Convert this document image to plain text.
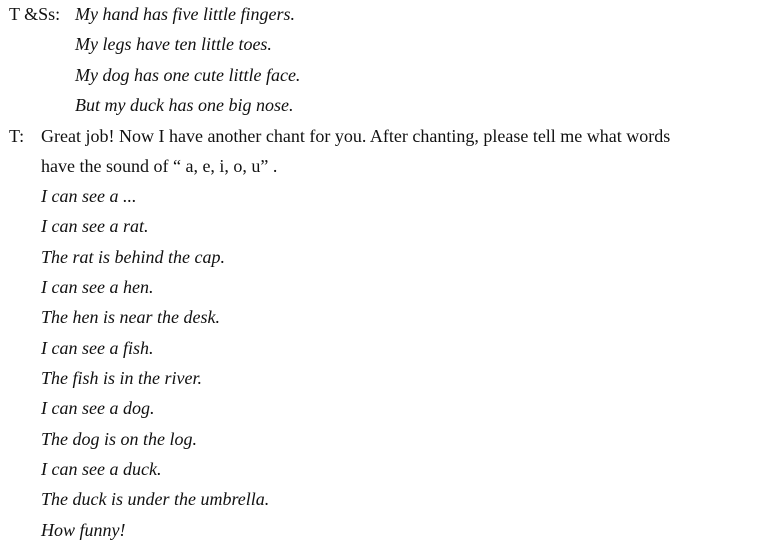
T &Ss: My hand has five little fingers.
My legs have ten little toes.
My dog has one cute little face.
But my duck has one big nose.
T: Great job! Now I have another chant for you. After chanting, please tell me what words
have the sound of “ a, e, i, o, u” .
I can see a ...
I can see a rat.
The rat is behind the cap.
I can see a hen.
The hen is near the desk.
I can see a fish.
The fish is in the river.
I can see a dog.
The dog is on the log.
I can see a duck.
The duck is under the umbrella.
How funny!
